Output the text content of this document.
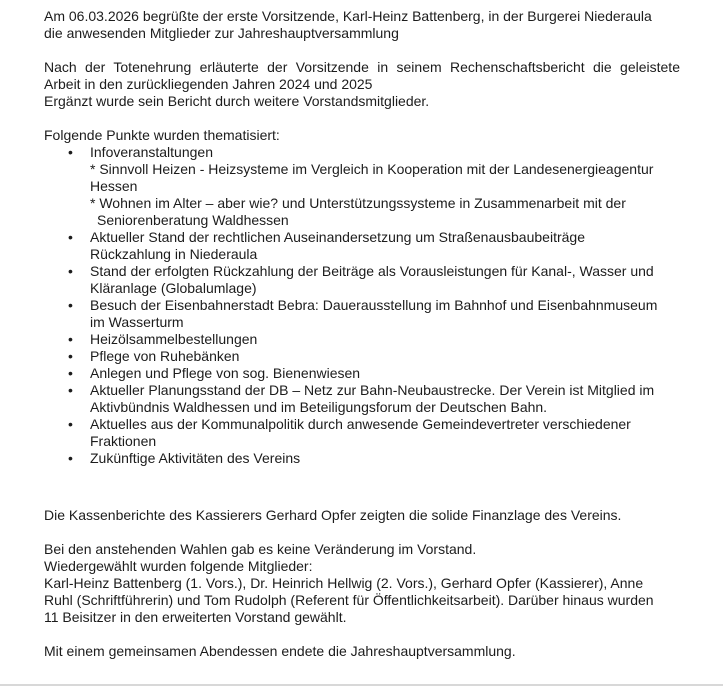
Am 06.03.2026 begrüßte der erste Vorsitzende, Karl-Heinz Battenberg, in der Burgerei Niederaula
die anwesenden Mitglieder zur Jahreshauptversammlung
Nach der Totenehrung erläuterte der Vorsitzende in seinem Rechenschaftsbericht die geleistete
Arbeit in den zurückliegenden Jahren 2024 und 2025
Ergänzt wurde sein Bericht durch weitere Vorstandsmitglieder.
Folgende Punkte wurden thematisiert:
• Infoveranstaltungen
* Sinnvoll Heizen - Heizsysteme im Vergleich in Kooperation mit der Landesenergieagentur
Hessen
* Wohnen im Alter – aber wie? und Unterstützungssysteme in Zusammenarbeit mit der
Seniorenberatung Waldhessen
• Aktueller Stand der rechtlichen Auseinandersetzung um Straßenausbaubeiträge
Rückzahlung in Niederaula
• Stand der erfolgten Rückzahlung der Beiträge als Vorausleistungen für Kanal-, Wasser und
Kläranlage (Globalumlage)
• Besuch der Eisenbahnerstadt Bebra: Dauerausstellung im Bahnhof und Eisenbahnmuseum
im Wasserturm
• Heizölsammelbestellungen
• Pflege von Ruhebänken
• Anlegen und Pflege von sog. Bienenwiesen
• Aktueller Planungsstand der DB – Netz zur Bahn-Neubaustrecke. Der Verein ist Mitglied im
Aktivbündnis Waldhessen und im Beteiligungsforum der Deutschen Bahn.
• Aktuelles aus der Kommunalpolitik durch anwesende Gemeindevertreter verschiedener
Fraktionen
• Zukünftige Aktivitäten des Vereins
Die Kassenberichte des Kassierers Gerhard Opfer zeigten die solide Finanzlage des Vereins.
Bei den anstehenden Wahlen gab es keine Veränderung im Vorstand.
Wiedergewählt wurden folgende Mitglieder:
Karl-Heinz Battenberg (1. Vors.), Dr. Heinrich Hellwig (2. Vors.), Gerhard Opfer (Kassierer), Anne
Ruhl (Schriftführerin) und Tom Rudolph (Referent für Öffentlichkeitsarbeit). Darüber hinaus wurden
11 Beisitzer in den erweiterten Vorstand gewählt.
Mit einem gemeinsamen Abendessen endete die Jahreshauptversammlung.
